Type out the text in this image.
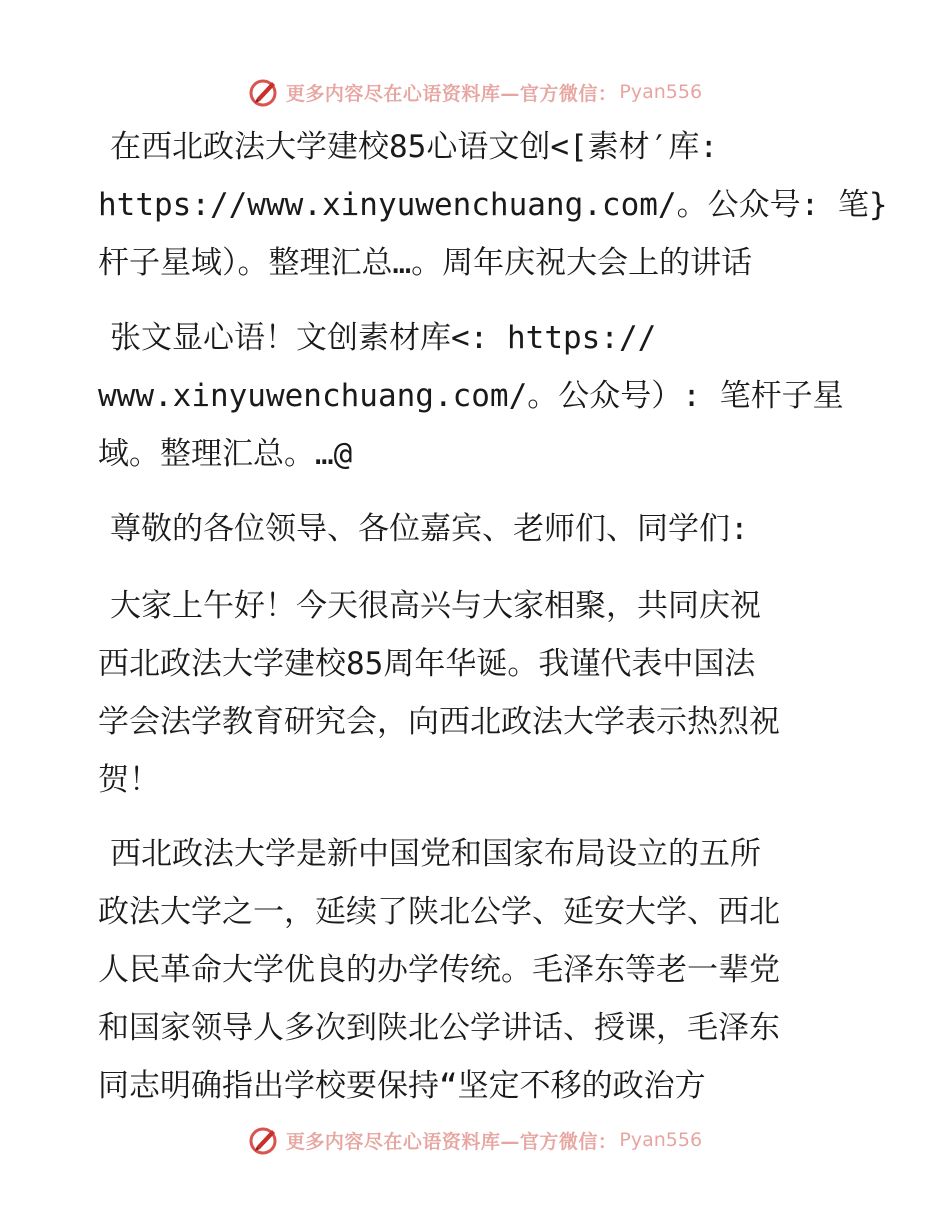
更多内容尽在心语资料库—官方微信： Pyan556
在西北政法大学建校85心语文创<[素材′库:
https://www.xinyuwenchuang.com/。公众号: 笔}
杆子星域）。整理汇总…。周年庆祝大会上的讲话
张文显心语！文创素材库<: https://
www.xinyuwenchuang.com/。公众号）: 笔杆子星
域。整理汇总。…@
尊敬的各位领导、各位嘉宾、老师们、同学们:
大家上午好！今天很高兴与大家相聚，共同庆祝
西北政法大学建校85周年华诞。我谨代表中国法
学会法学教育研究会，向西北政法大学表示热烈祝
贺！
西北政法大学是新中国党和国家布局设立的五所
政法大学之一，延续了陕北公学、延安大学、西北
人民革命大学优良的办学传统。毛泽东等老一辈党
和国家领导人多次到陕北公学讲话、授课，毛泽东
同志明确指出学校要保持“坚定不移的政治方
更多内容尽在心语资料库—官方微信： Pyan556
